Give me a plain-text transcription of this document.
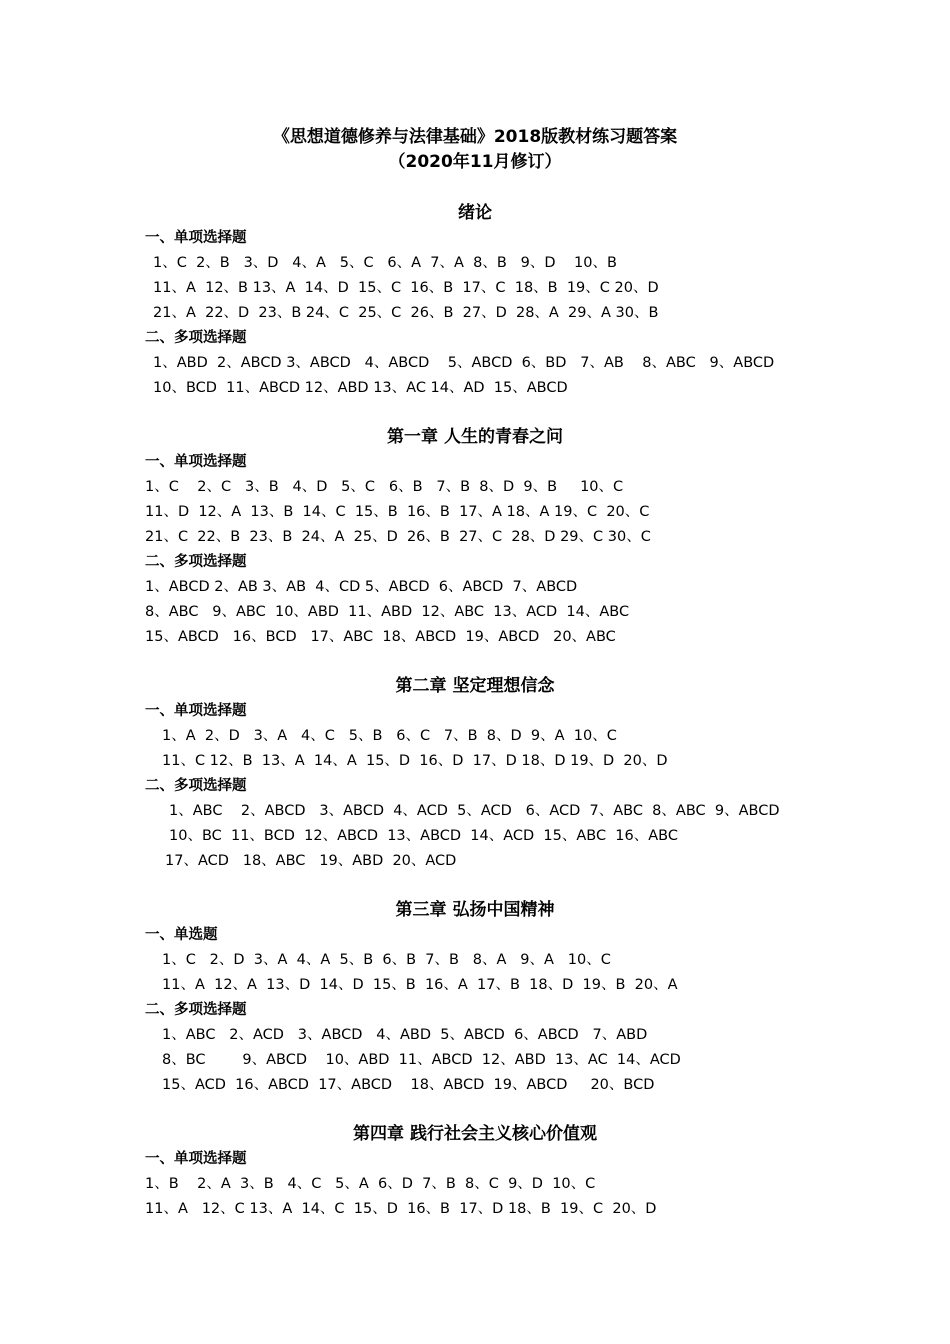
《思想道德修养与法律基础》2018版教材练习题答案
（2020年11月修订）
绪论
一、单项选择题
1、C  2、B   3、D   4、A   5、C   6、A  7、A  8、B   9、D    10、B
11、A  12、B 13、A  14、D  15、C  16、B  17、C  18、B  19、C 20、D
21、A  22、D  23、B 24、C  25、C  26、B  27、D  28、A  29、A 30、B
二、多项选择题
1、ABD  2、ABCD 3、ABCD   4、ABCD    5、ABCD  6、BD   7、AB    8、ABC   9、ABCD
10、BCD  11、ABCD 12、ABD 13、AC 14、AD  15、ABCD
第一章 人生的青春之问
一、单项选择题
1、C    2、C   3、B   4、D   5、C   6、B   7、B  8、D  9、B     10、C
11、D  12、A  13、B  14、C  15、B  16、B  17、A 18、A 19、C  20、C
21、C  22、B  23、B  24、A  25、D  26、B  27、C  28、D 29、C 30、C
二、多项选择题
1、ABCD 2、AB 3、AB  4、CD 5、ABCD  6、ABCD  7、ABCD
8、ABC   9、ABC  10、ABD  11、ABD  12、ABC  13、ACD  14、ABC
15、ABCD   16、BCD   17、ABC  18、ABCD  19、ABCD   20、ABC
第二章 坚定理想信念
一、单项选择题
1、A  2、D   3、A   4、C   5、B   6、C   7、B  8、D  9、A  10、C
11、C 12、B  13、A  14、A  15、D  16、D  17、D 18、D 19、D  20、D
二、多项选择题
1、ABC    2、ABCD   3、ABCD  4、ACD  5、ACD   6、ACD  7、ABC  8、ABC  9、ABCD
10、BC  11、BCD  12、ABCD  13、ABCD  14、ACD  15、ABC  16、ABC
17、ACD   18、ABC   19、ABD  20、ACD
第三章 弘扬中国精神
一、单选题
1、C   2、D  3、A  4、A  5、B  6、B  7、B   8、A   9、A   10、C
11、A  12、A  13、D  14、D  15、B  16、A  17、B  18、D  19、B  20、A
二、多项选择题
1、ABC   2、ACD   3、ABCD   4、ABD  5、ABCD  6、ABCD   7、ABD
8、BC        9、ABCD    10、ABD  11、ABCD  12、ABD  13、AC  14、ACD
15、ACD  16、ABCD  17、ABCD    18、ABCD  19、ABCD     20、BCD
第四章 践行社会主义核心价值观
一、单项选择题
1、B    2、A  3、B   4、C   5、A  6、D  7、B  8、C  9、D  10、C
11、A   12、C 13、A  14、C  15、D  16、B  17、D 18、B  19、C  20、D
